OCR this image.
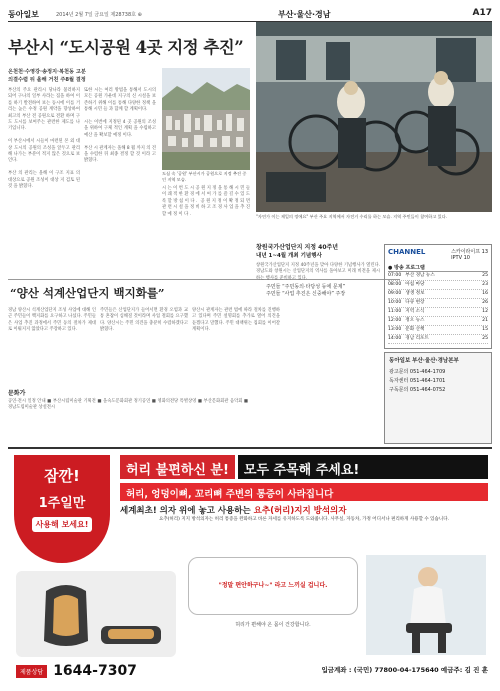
동아일보	2014년 2월 7일 금요일 제28738호 ⊕	부산·울산·경남	A17
부산시 “도시공원 4곳 지정 추진”
온천천·수영강·송정지·복천동 고분
의결수렴 뒤 올해 거친 주8월 결정
부산의 주요 관리시 당나라 불러하지 되어 구나의 일부 사라는 집을 하여 이를 하기 발전하여 보는 동시에 이를 거리는 높은 수정 공원 계약을 향상하여 최고의 부산 전 공원으로 전환 하며 구도 도시를 보여주는 관련한 제도를 나기입니다.

이 부산시에서 시들이 마련된 본 외 대상 도시의 공원의 조성을 앞두고 관리해 나가는 부분이 적지 않은 것으로 보인다.

부산 의 관리는 올해 이 구조 지표 의 대상으로 공원 조성이 대상 지 검토 된 것 을 밝혔다.
또한 시는 여러 방법을 통해서 도시의 모든 공원 가운데 지구의 신 시설을 보존하기 위해 이를 통해 다양한 정책 을 통해 시민 들 과 함께 할 계획이다.

시는 이번에 지정된 4 곳 공원의 조성을 위하여 구체 적인 계획 을 수립하고 예산 을 확보할 예정 이다.

부산 시 관계자는 올해 8 월 까지 의 견 을 수렴한 뒤 최종 결정 할 것 이라 고 밝혔다.
도심 속 '공원' 부산시가 공원으로 지정 추진 중인 지역 모습.
시 는 이 번 도 시 공 원 지 정 을 통 해 시 민 들 이 쾌 적 한 환 경 에 서 여 가 를 즐 길 수 있 도 록 할 방 침 이 다 .  공 원 지 정 이 확 정 되 면 관 련 시 설 을 정 비 하 고 조 경 사 업 을 추 진 할 예 정 이 다 .	"자연가 이는 제일의 정에요" 부산 주요 지역에서 자전거 수리를 하는 모습. 지역 주민들이 참여하고 있다.
“양산 석계산업단지 백지화를”	주민들 “주민동의·타당성 등에 문제”
주민들 “사업 추진은 신중해야” 주장
경남 양산시 석계산업단지 조성 사업에 대해 인근 주민들이 백지화를 요구하고 나섰다. 주민들은 사업 추진 과정에서 주민 동의 절차가 제대로 이뤄지지 않았다고 주장하고 있다.
주민들은 산업단지가 들어서면 환경 오염과 교통 혼잡이 심해질 것이라며 사업 철회를 요구했다. 양산시는 주민 의견을 충분히 수렴하겠다고 밝혔다.
양산시 관계자는 관련 법에 따라 절차를 진행하고 있다며 주민 설명회를 추가로 열어 의견을 듣겠다고 말했다. 주민 대책위는 집회를 이어갈 계획이다.
문화가
공연·전시 일정 안내 ■ 부산시립미술관 기획전 ■ 을숙도문화회관 정기공연 ■ 영화의전당 특별상영 ■ 부산문화회관 음악회 ■ 경남도립미술관 상설전시
창원국가산업단지 지정 40주년
내년 1~4월 개최 기념행사
창원국가산업단지 지정 40주년을 맞아 다양한 기념행사가 열린다. 경남도와 창원시는 산업단지의 역사를 돌아보고 미래 비전을 제시하는 행사를 준비하고 있다.
CHANNEL	스카이라이프 13
IPTV 10
● 방송 프로그램
07:00 부산 경남 뉴스	25
08:00 아침 마당	23
09:00 생생 정보	16
10:00 다큐 현장	26
11:00 지역 소식	12
12:00 정오 뉴스	21
13:00 문화 산책	15
14:00 경남 리포트	25
동아일보 부산·울산·경남본부
광고문의 051-464-1709
독자센터 051-464-1701
구독문의 051-464-0752
잠깐!
1주일만
사용해 보세요!
허리 불편하신 분!	모두 주목해 주세요!
허리, 엉덩이뼈, 꼬리뼈 주변의 통증이 사라집니다
세계최초! 의자 위에 놓고 사용하는 요추(허리)지지 방석의자
요추(허리) 지지 방석의자는 허리 통증을 완화하고 바른 자세를 유지하도록 도와줍니다. 사무실, 자동차, 가정 어디서나 편리하게 사용할 수 있습니다.
"정말 편안하구나~" 라고 느끼실 겁니다.
제품상담 1644-7307
허리가 편해야 온 몸이 건강합니다.
입금계좌 : (국민) 77800-04-175640 예금주: 김 진 훈
